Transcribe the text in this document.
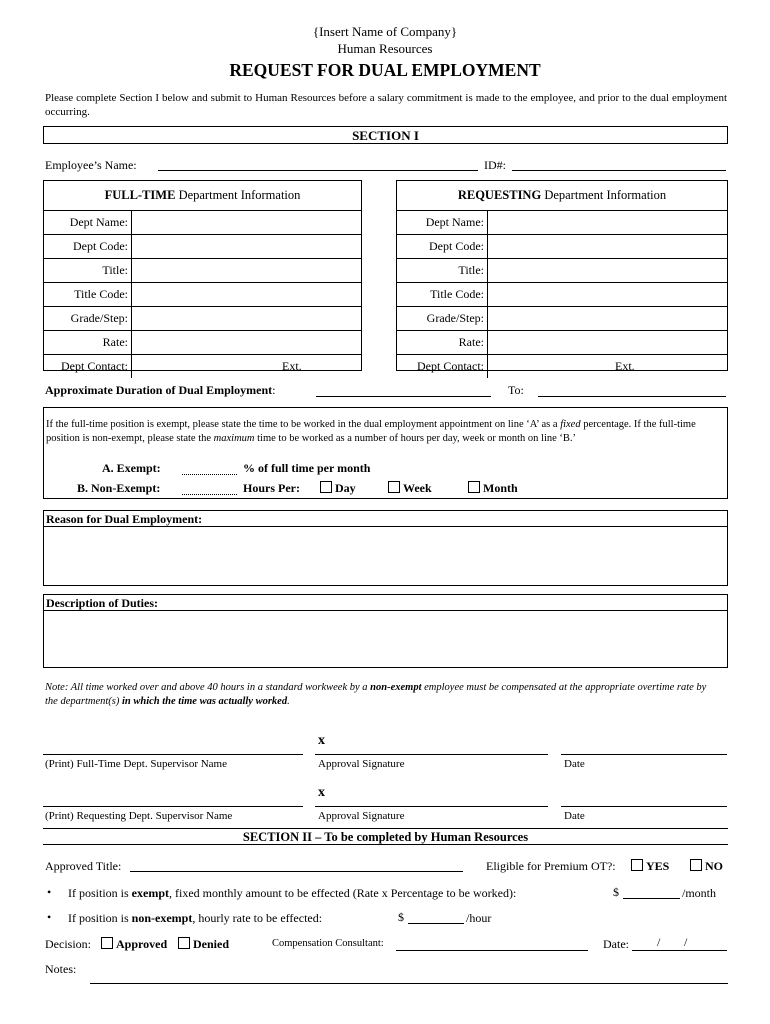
{Insert Name of Company}
Human Resources
REQUEST FOR DUAL EMPLOYMENT
Please complete Section I below and submit to Human Resources before a salary commitment is made to the employee, and prior to the dual employment occurring.
SECTION I
Employee’s Name:	ID#:
FULL-TIME Department Information
Dept Name:
Dept Code:
Title:
Title Code:
Grade/Step:
Rate:
Dept Contact:	Ext.
REQUESTING Department Information
Dept Name:
Dept Code:
Title:
Title Code:
Grade/Step:
Rate:
Dept Contact:	Ext.
Approximate Duration of Dual Employment:	To:
If the full-time position is exempt, please state the time to be worked in the dual employment appointment on line ‘A’ as a fixed percentage. If the full-time position is non-exempt, please state the maximum time to be worked as a number of hours per day, week or month on line ‘B.’
A. Exempt:	% of full time per month
B. Non-Exempt:	Hours Per:	Day	Week	Month
Reason for Dual Employment:
Description of Duties:
Note: All time worked over and above 40 hours in a standard workweek by a non-exempt employee must be compensated at the appropriate overtime rate by the department(s) in which the time was actually worked.
x
(Print) Full-Time Dept. Supervisor Name	Approval Signature	Date
x
(Print) Requesting Dept. Supervisor Name	Approval Signature	Date
SECTION II – To be completed by Human Resources
Approved Title:	Eligible for Premium OT?:	YES	NO
• If position is exempt, fixed monthly amount to be effected (Rate x Percentage to be worked):	$	/month
• If position is non-exempt, hourly rate to be effected:	$	/hour
Decision:	Approved	Denied	Compensation Consultant:	Date: / /
Notes:
